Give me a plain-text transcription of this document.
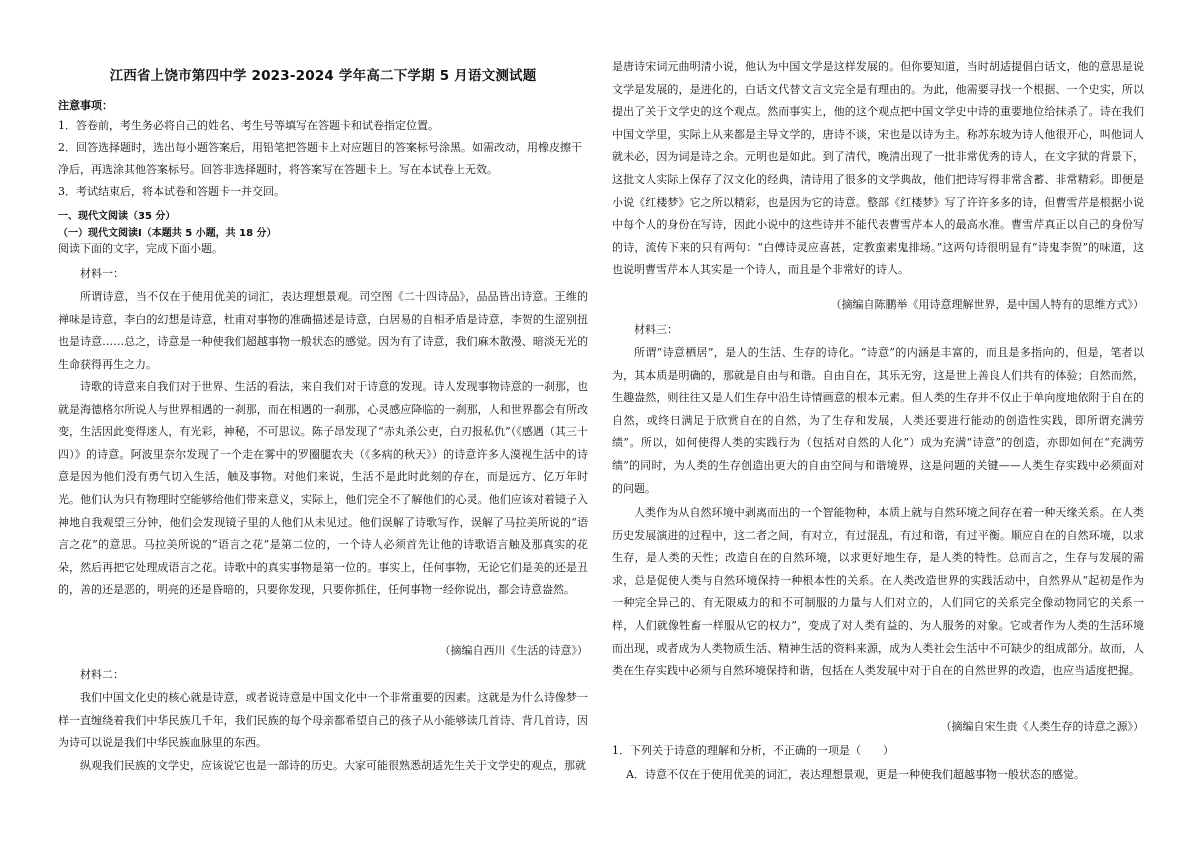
江西省上饶市第四中学 2023-2024 学年高二下学期 5 月语文测试题
注意事项：
1．答卷前，考生务必将自己的姓名、考生号等填写在答题卡和试卷指定位置。
2．回答选择题时，选出每小题答案后，用铅笔把答题卡上对应题目的答案标号涂黑。如需改动，用橡皮擦干净后，再选涂其他答案标号。回答非选择题时，将答案写在答题卡上。写在本试卷上无效。
3．考试结束后，将本试卷和答题卡一并交回。
一、现代文阅读（35 分）
（一）现代文阅读Ⅰ（本题共 5 小题，共 18 分）
阅读下面的文字，完成下面小题。
材料一：
所谓诗意，当不仅在于使用优美的词汇，表达理想景观。司空图《二十四诗品》，品品皆出诗意。王维的禅味是诗意，李白的幻想是诗意，杜甫对事物的准确描述是诗意，白居易的自相矛盾是诗意，李贺的生涩别扭也是诗意……总之，诗意是一种使我们超越事物一般状态的感觉。因为有了诗意，我们麻木散漫、暗淡无光的生命获得再生之力。
诗歌的诗意来自我们对于世界、生活的看法，来自我们对于诗意的发现。诗人发现事物诗意的一刹那，也就是海德格尔所说人与世界相遇的一刹那，而在相遇的一刹那，心灵感应降临的一刹那，人和世界都会有所改变，生活因此变得迷人，有光彩，神秘，不可思议。陈子昂发现了“赤丸杀公吏，白刃报私仇”（《感遇（其三十四）》的诗意。阿波里奈尔发现了一个走在雾中的罗圈腿农夫（《多病的秋天》）的诗意许多人漠视生活中的诗意是因为他们没有勇气切入生活，触及事物。对他们来说，生活不是此时此刻的存在，而是远方、亿万年时光。他们认为只有物理时空能够给他们带来意义，实际上，他们完全不了解他们的心灵。他们应该对着镜子入神地自我观望三分钟，他们会发现镜子里的人他们从未见过。他们误解了诗歌写作，误解了马拉美所说的“语言之花”的意思。马拉美所说的“语言之花”是第二位的，一个诗人必须首先让他的诗歌语言触及那真实的花朵，然后再把它处理成语言之花。诗歌中的真实事物是第一位的。事实上，任何事物，无论它们是美的还是丑的，善的还是恶的，明亮的还是昏暗的，只要你发现，只要你抓住，任何事物一经你说出，都会诗意盎然。
（摘编自西川《生活的诗意》）
材料二：
我们中国文化史的核心就是诗意，或者说诗意是中国文化中一个非常重要的因素。这就是为什么诗像梦一样一直缠绕着我们中华民族几千年，我们民族的每个母亲都希望自己的孩子从小能够读几首诗、背几首诗，因为诗可以说是我们中华民族血脉里的东西。
纵观我们民族的文学史，应该说它也是一部诗的历史。大家可能很熟悉胡适先生关于文学史的观点，那就
是唐诗宋词元曲明清小说，他认为中国文学是这样发展的。但你要知道，当时胡适提倡白话文，他的意思是说文学是发展的，是进化的，白话文代替文言文完全是有理由的。为此，他需要寻找一个根据、一个史实，所以提出了关于文学史的这个观点。然而事实上，他的这个观点把中国文学史中诗的重要地位给抹杀了。诗在我们中国文学里，实际上从来都是主导文学的，唐诗不谈，宋也是以诗为主。称苏东坡为诗人他很开心，叫他词人就未必，因为词是诗之余。元明也是如此。到了清代，晚清出现了一批非常优秀的诗人，在文字狱的背景下，这批文人实际上保存了汉文化的经典，清诗用了很多的文学典故，他们把诗写得非常含蓄、非常精彩。即便是小说《红楼梦》它之所以精彩，也是因为它的诗意。整部《红楼梦》写了许许多多的诗，但曹雪芹是根据小说中每个人的身份在写诗，因此小说中的这些诗并不能代表曹雪芹本人的最高水准。曹雪芹真正以自己的身份写的诗，流传下来的只有两句：“白傅诗灵应喜甚，定教蛮素鬼排场。”这两句诗很明显有“诗鬼李贺”的味道，这也说明曹雪芹本人其实是一个诗人，而且是个非常好的诗人。
（摘编自陈鹏举《用诗意理解世界，是中国人特有的思维方式》）
材料三：
所谓“诗意栖居”，是人的生活、生存的诗化。“诗意”的内涵是丰富的，而且是多指向的，但是，笔者以为，其本质是明确的，那就是自由与和谐。自由自在，其乐无穷，这是世上善良人们共有的体验；自然而然，生趣盎然，则往往又是人们生存中沿生诗情画意的根本元素。但人类的生存并不仅止于单向度地依附于自在的自然，或终日满足于欣赏自在的自然，为了生存和发展，人类还要进行能动的创造性实践，即所谓充满劳绩”。所以，如何使得人类的实践行为（包括对自然的人化”）成为充满“诗意”的创造，亦即如何在“充满劳绩”的同时，为人类的生存创造出更大的自由空间与和谐境界，这是问题的关键——人类生存实践中必须面对的问题。
人类作为从自然环境中剥离而出的一个智能物种，本质上就与自然环境之间存在着一种天缘关系。在人类历史发展演进的过程中，这二者之间，有对立，有过混乱，有过和谐，有过平衡。顺应自在的自然环境，以求生存，是人类的天性；改造自在的自然环境，以求更好地生存，是人类的特性。总而言之，生存与发展的需求，总是促使人类与自然环境保持一种根本性的关系。在人类改造世界的实践活动中，自然界从“起初是作为一种完全异己的、有无限威力的和不可制服的力量与人们对立的，人们同它的关系完全像动物同它的关系一样，人们就像牲畜一样服从它的权力”，变成了对人类有益的、为人服务的对象。它或者作为人类的生活环境而出现，或者成为人类物质生活、精神生活的资料来源，成为人类社会生活中不可缺少的组成部分。故而，人类在生存实践中必须与自然环境保持和谐，包括在人类发展中对于自在的自然世界的改造，也应当适度把握。
（摘编自宋生贵《人类生存的诗意之源》）
1．下列关于诗意的理解和分析，不正确的一项是（　　）
A．诗意不仅在于使用优美的词汇，表达理想景观，更是一种使我们超越事物一般状态的感觉。
